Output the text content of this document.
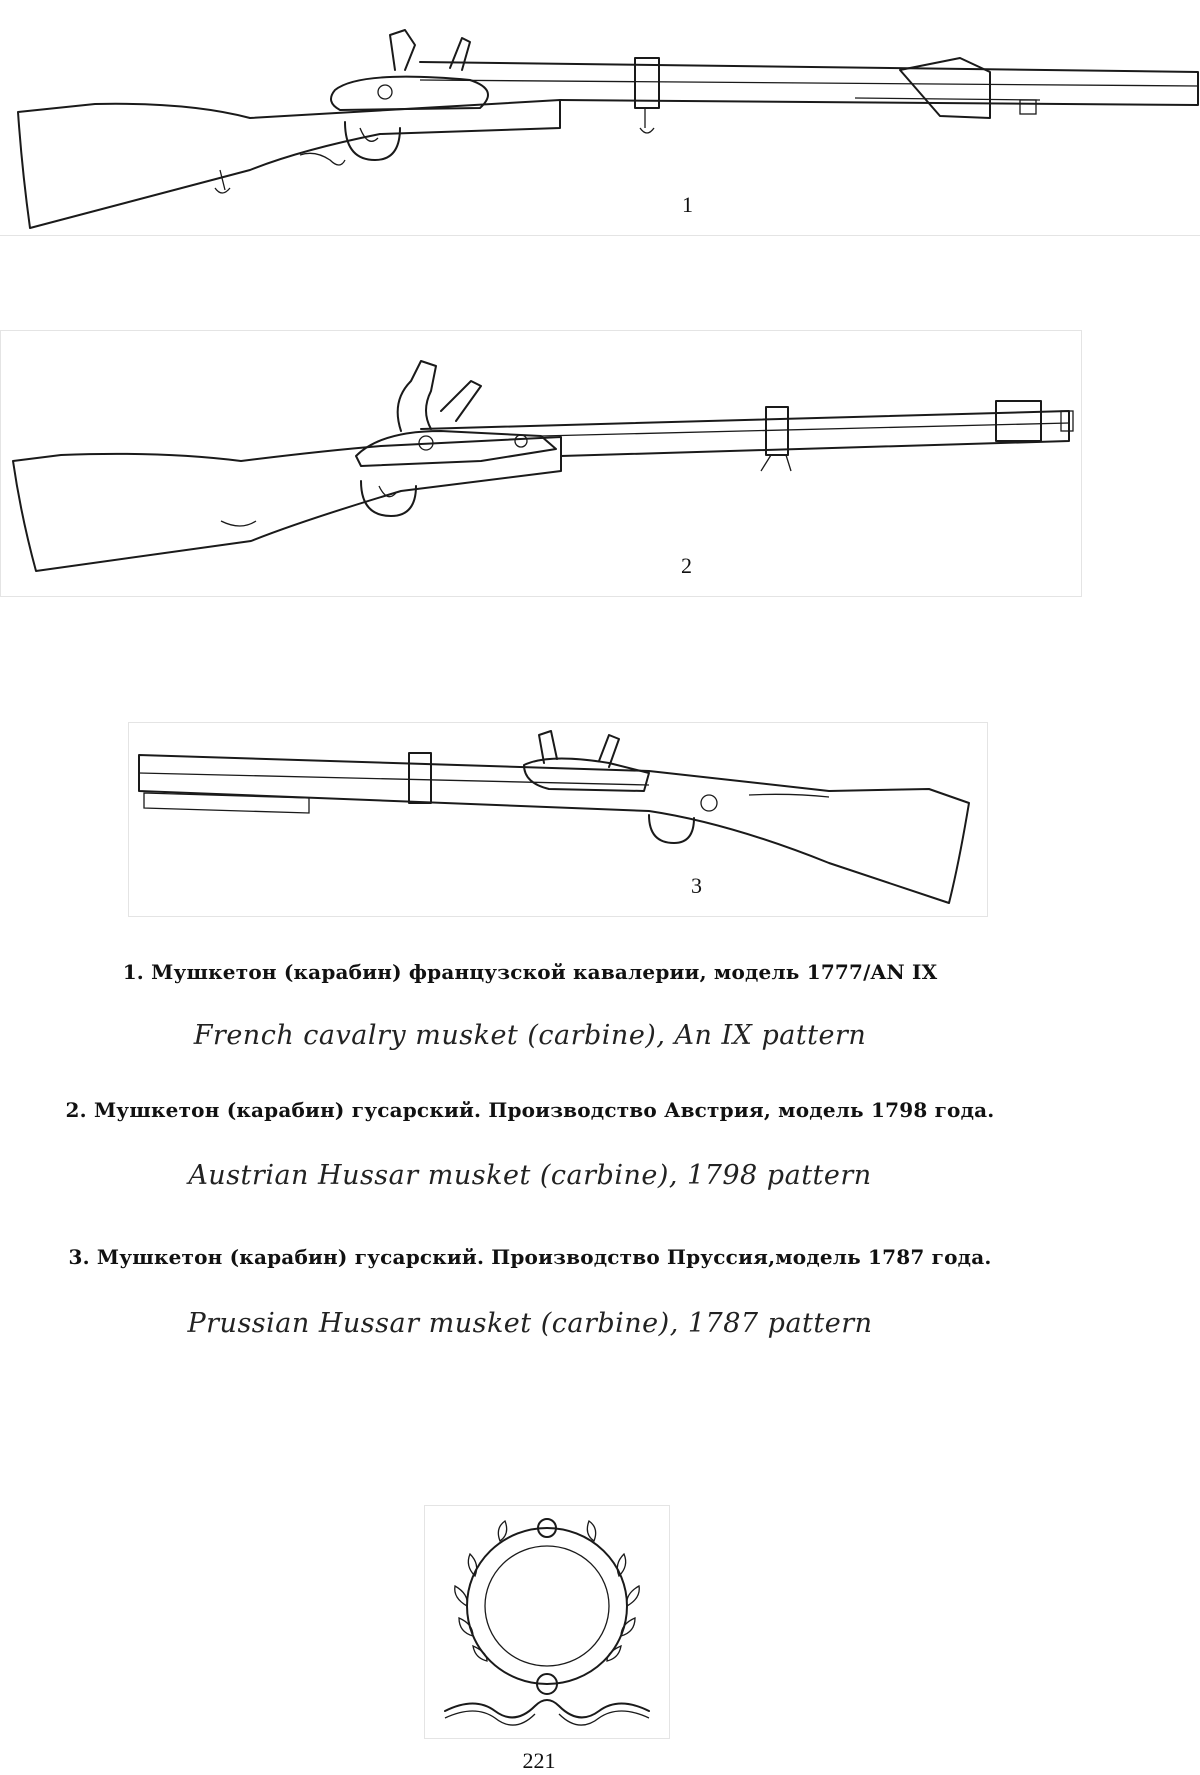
1
2
3
1. Мушкетон (карабин) французской кавалерии, модель 1777/AN IX
French cavalry musket (carbine), An IX pattern
2. Мушкетон (карабин) гусарский. Производство Австрия, модель 1798 года.
Austrian Hussar musket (carbine), 1798 pattern
3. Мушкетон (карабин) гусарский. Производство Пруссия,модель 1787 года.
Prussian Hussar musket (carbine), 1787 pattern
221
